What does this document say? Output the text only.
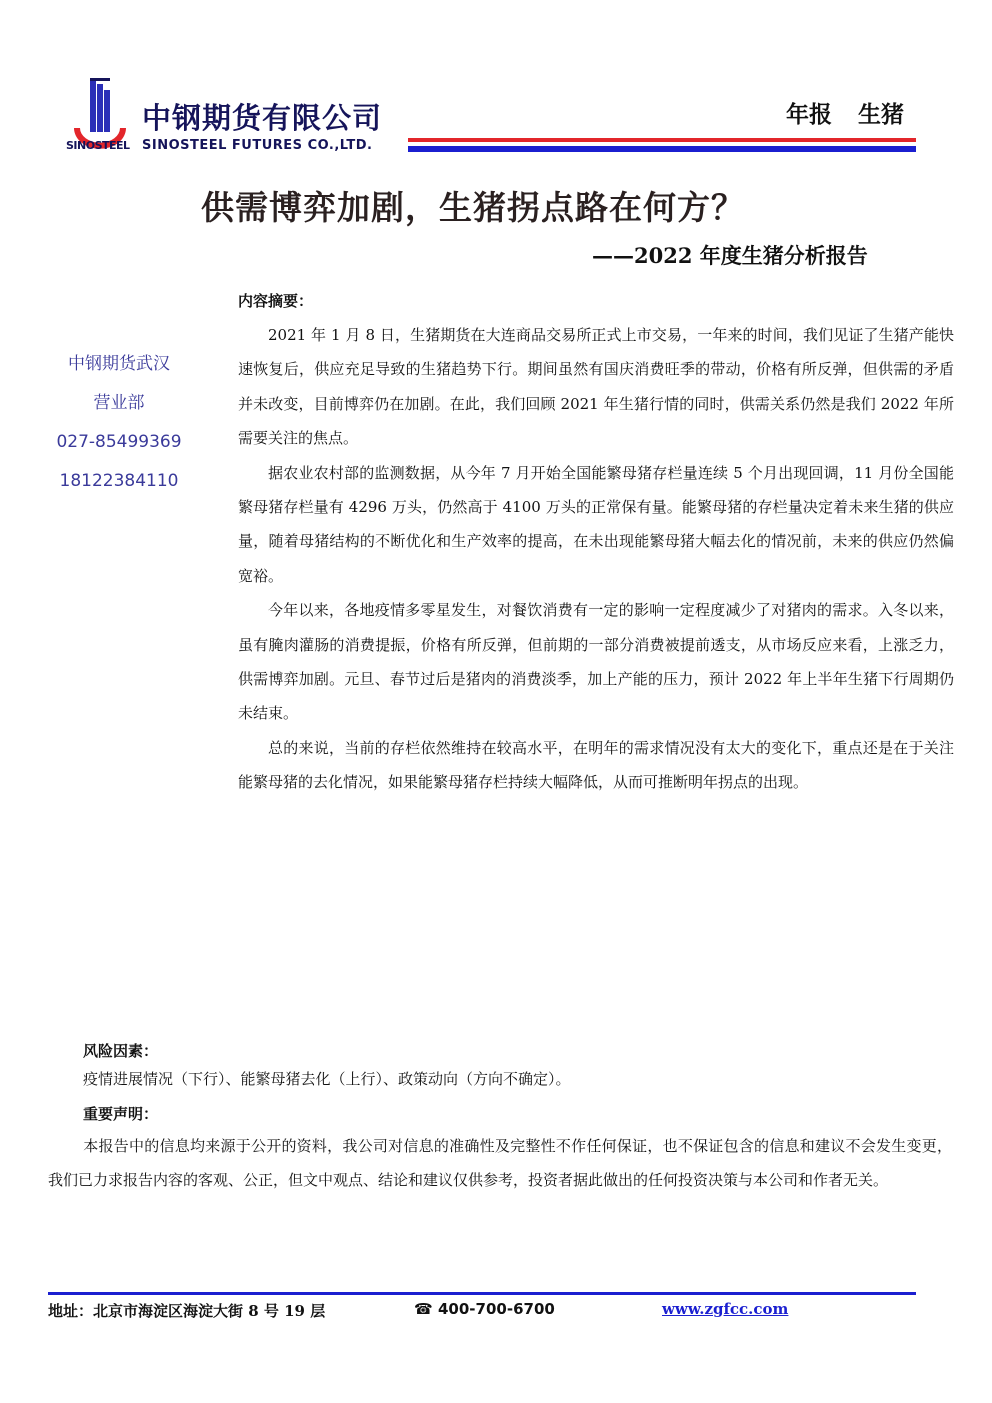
SINOSTEEL
中钢期货有限公司
SINOSTEEL FUTURES CO.,LTD.
年报 生猪
供需博弈加剧，生猪拐点路在何方？
——2022 年度生猪分析报告
中钢期货武汉
营业部
027-85499369
18122384110
内容摘要：

2021 年 1 月 8 日，生猪期货在大连商品交易所正式上市交易，一年来的时间，我们见证了生猪产能快速恢复后，供应充足导致的生猪趋势下行。期间虽然有国庆消费旺季的带动，价格有所反弹，但供需的矛盾并未改变，目前博弈仍在加剧。在此，我们回顾 2021 年生猪行情的同时，供需关系仍然是我们 2022 年所需要关注的焦点。

据农业农村部的监测数据，从今年 7 月开始全国能繁母猪存栏量连续 5 个月出现回调，11 月份全国能繁母猪存栏量有 4296 万头，仍然高于 4100 万头的正常保有量。能繁母猪的存栏量决定着未来生猪的供应量，随着母猪结构的不断优化和生产效率的提高，在未出现能繁母猪大幅去化的情况前，未来的供应仍然偏宽裕。

今年以来，各地疫情多零星发生，对餐饮消费有一定的影响一定程度减少了对猪肉的需求。入冬以来，虽有腌肉灌肠的消费提振，价格有所反弹，但前期的一部分消费被提前透支，从市场反应来看，上涨乏力，供需博弈加剧。元旦、春节过后是猪肉的消费淡季，加上产能的压力，预计 2022 年上半年生猪下行周期仍未结束。

总的来说，当前的存栏依然维持在较高水平，在明年的需求情况没有太大的变化下，重点还是在于关注能繁母猪的去化情况，如果能繁母猪存栏持续大幅降低，从而可推断明年拐点的出现。

风险因素：
疫情进展情况（下行）、能繁母猪去化（上行）、政策动向（方向不确定）。
重要声明：

本报告中的信息均来源于公开的资料，我公司对信息的准确性及完整性不作任何保证，也不保证包含的信息和建议不会发生变更，我们已力求报告内容的客观、公正，但文中观点、结论和建议仅供参考，投资者据此做出的任何投资决策与本公司和作者无关。

地址：北京市海淀区海淀大街 8 号 19 层	☎ 400-700-6700	www.zgfcc.com
